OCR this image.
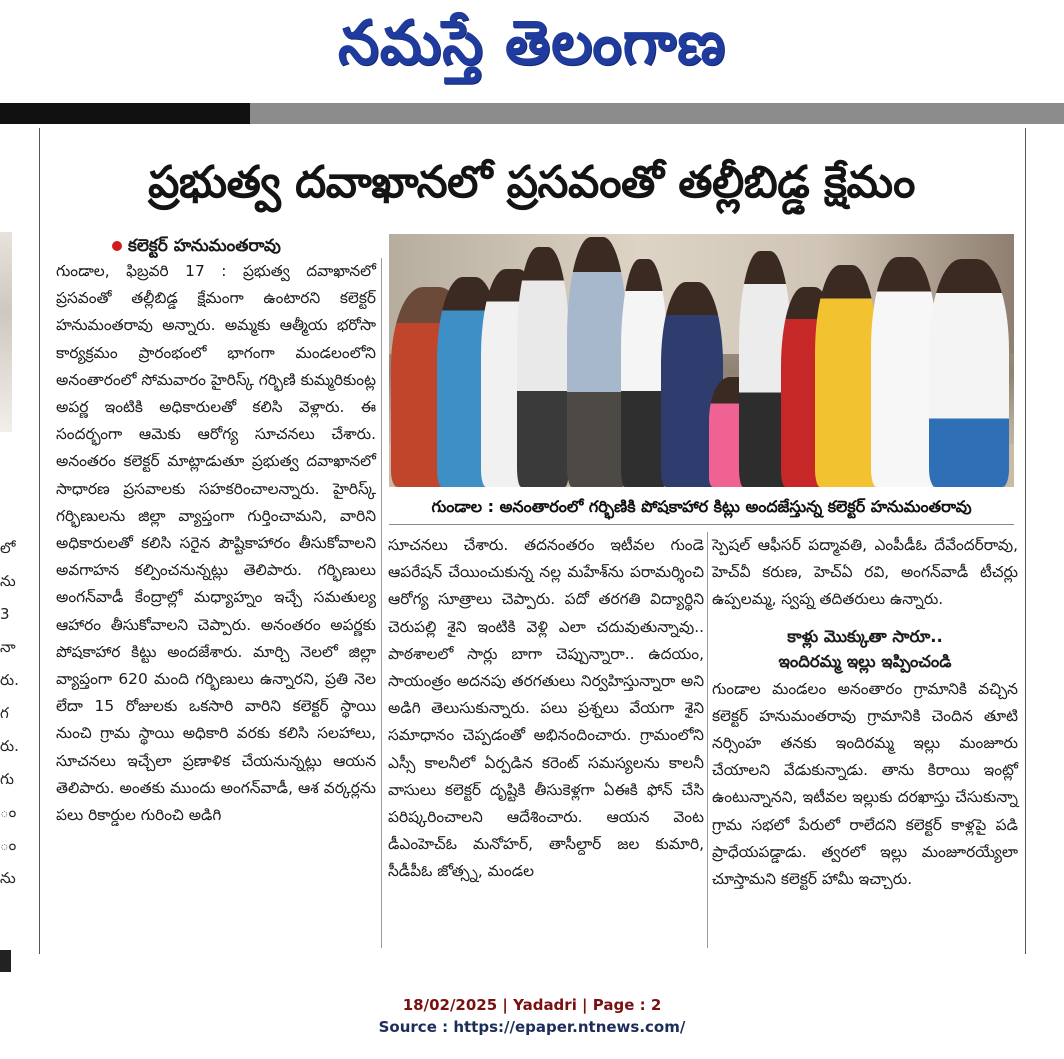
నమస్తే తెలంగాణ
లో
ను
3
నా
రు.
గ
రు.
గు
ం
ం
ను
ప్రభుత్వ దవాఖానలో ప్రసవంతో తల్లీబిడ్డ క్షేమం
కలెక్టర్ హనుమంతరావు

గుండాల, ఫిబ్రవరి 17 : ప్రభుత్వ దవాఖానలో ప్రసవంతో తల్లీబిడ్డ క్షేమంగా ఉంటారని కలెక్టర్ హనుమంతరావు అన్నారు. అమ్మకు ఆత్మీయ భరోసా కార్యక్రమం ప్రారంభంలో భాగంగా మండలంలోని అనంతారంలో సోమవారం హైరిస్క్ గర్భిణి కుమ్మరికుంట్ల అపర్ణ ఇంటికి అధికారులతో కలిసి వెళ్లారు. ఈ సందర్భంగా ఆమెకు ఆరోగ్య సూచనలు చేశారు. అనంతరం కలెక్టర్ మాట్లాడుతూ ప్రభుత్వ దవాఖానలో సాధారణ ప్రసవాలకు సహకరించాలన్నారు. హైరిస్క్ గర్భిణులను జిల్లా వ్యాప్తంగా గుర్తించామని, వారిని అధికారులతో కలిసి సరైన పౌష్టికాహారం తీసుకోవాలని అవగాహన కల్పించనున్నట్లు తెలిపారు. గర్భిణులు అంగన్‌వాడీ కేంద్రాల్లో మధ్యాహ్నం ఇచ్చే సమతుల్య ఆహారం తీసుకోవాలని చెప్పారు. అనంతరం అపర్ణకు పోషకాహార కిట్టు అందజేశారు. మార్చి నెలలో జిల్లా వ్యాప్తంగా 620 మంది గర్భిణులు ఉన్నారని, ప్రతి నెల లేదా 15 రోజులకు ఒకసారి వారిని కలెక్టర్ స్థాయి నుంచి గ్రామ స్థాయి అధికారి వరకు కలిసి సలహాలు, సూచనలు ఇచ్చేలా ప్రణాళిక చేయనున్నట్లు ఆయన తెలిపారు. అంతకు ముందు అంగన్‌వాడీ, ఆశ వర్కర్లను పలు రికార్డుల గురించి అడిగి

గుండాల : అనంతారంలో గర్భిణికి పోషకాహార కిట్లు అందజేస్తున్న కలెక్టర్ హనుమంతరావు

సూచనలు చేశారు. తదనంతరం ఇటీవల గుండె ఆపరేషన్ చేయించుకున్న నల్ల మహేశ్‌ను పరామర్శించి ఆరోగ్య సూత్రాలు చెప్పారు. పదో తరగతి విద్యార్థిని చెరుపల్లి శైని ఇంటికి వెళ్లి ఎలా చదువుతున్నావు.. పాఠశాలలో సార్లు బాగా చెప్పున్నారా.. ఉదయం, సాయంత్రం అదనపు తరగతులు నిర్వహిస్తున్నారా అని అడిగి తెలుసుకున్నారు. పలు ప్రశ్నలు వేయగా శైని సమాధానం చెప్పడంతో అభినందించారు. గ్రామంలోని ఎస్సీ కాలనీలో ఏర్పడిన కరెంట్ సమస్యలను కాలనీ వాసులు కలెక్టర్ దృష్టికి తీసుకెళ్లగా ఏఈకి ఫోన్ చేసి పరిష్కరించాలని ఆదేశించారు. ఆయన వెంట డీఎంహెచ్‌ఓ మనోహర్, తాసీల్దార్ జల కుమారి, సీడీపీఓ జోత్స్న, మండల

స్పెషల్ ఆఫీసర్ పద్మావతి, ఎంపీడీఓ దేవేందర్‌రావు, హెచ్‌వీ కరుణ, హెచ్‌ఏ రవి, అంగన్‌వాడీ టీచర్లు ఉప్పలమ్మ, స్వప్న తదితరులు ఉన్నారు.

కాళ్లు మొక్కుతా సారూ..
ఇందిరమ్మ ఇల్లు ఇప్పించండి

గుండాల మండలం అనంతారం గ్రామానికి వచ్చిన కలెక్టర్ హనుమంతరావు గ్రామానికి చెందిన తూటి నర్సింహ తనకు ఇందిరమ్మ ఇల్లు మంజూరు చేయాలని వేడుకున్నాడు. తాను కిరాయి ఇంట్లో ఉంటున్నానని, ఇటీవల ఇల్లుకు దరఖాస్తు చేసుకున్నా గ్రామ సభలో పేరులో రాలేదని కలెక్టర్ కాళ్లపై పడి ప్రాధేయపడ్డాడు. త్వరలో ఇల్లు మంజూరయ్యేలా చూస్తామని కలెక్టర్ హామీ ఇచ్చారు.

18/02/2025 | Yadadri | Page : 2
Source : https://epaper.ntnews.com/
